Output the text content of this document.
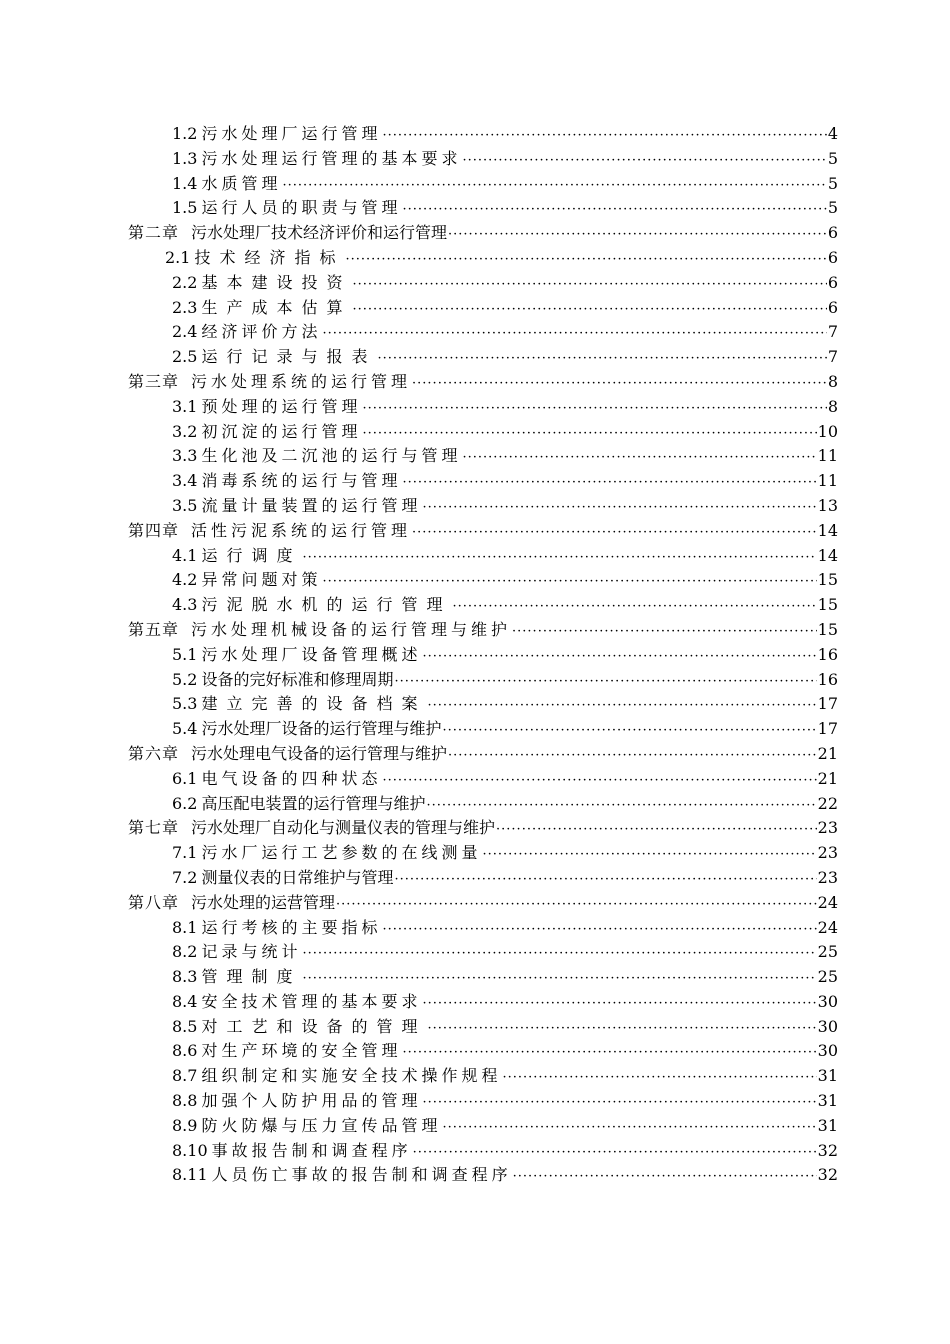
1.2 污水处理厂运行管理 ·····	4
1.3 污水处理运行管理的基本要求 ·····	5
1.4 水质管理 ·····	5
1.5 运行人员的职责与管理 ·····	5
第二章 污水处理厂技术经济评价和运行管理 ·····	6
2.1 技术经济指标 ·····	6
2.2 基本建设投资 ·····	6
2.3 生产成本估算 ·····	6
2.4 经济评价方法 ·····	7
2.5 运行记录与报表 ·····	7
第三章 污水处理系统的运行管理 ·····	8
3.1 预处理的运行管理 ·····	8
3.2 初沉淀的运行管理 ·····	10
3.3 生化池及二沉池的运行与管理 ·····	11
3.4 消毒系统的运行与管理 ·····	11
3.5 流量计量装置的运行管理 ·····	13
第四章 活性污泥系统的运行管理 ·····	14
4.1 运行调度 ·····	14
4.2 异常问题对策 ·····	15
4.3 污泥脱水机的运行管理 ·····	15
第五章 污水处理机械设备的运行管理与维护 ·····	15
5.1 污水处理厂设备管理概述 ·····	16
5.2 设备的完好标准和修理周期 ·····	16
5.3 建立完善的设备档案 ·····	17
5.4 污水处理厂设备的运行管理与维护 ·····	17
第六章 污水处理电气设备的运行管理与维护 ·····	21
6.1 电气设备的四种状态 ·····	21
6.2 高压配电装置的运行管理与维护 ·····	22
第七章 污水处理厂自动化与测量仪表的管理与维护 ·····	23
7.1 污水厂运行工艺参数的在线测量 ·····	23
7.2 测量仪表的日常维护与管理 ·····	23
第八章 污水处理的运营管理 ·····	24
8.1 运行考核的主要指标 ·····	24
8.2 记录与统计 ·····	25
8.3 管理制度 ·····	25
8.4 安全技术管理的基本要求 ·····	30
8.5 对工艺和设备的管理 ·····	30
8.6 对生产环境的安全管理 ·····	30
8.7 组织制定和实施安全技术操作规程 ·····	31
8.8 加强个人防护用品的管理 ·····	31
8.9 防火防爆与压力宣传品管理 ·····	31
8.10 事故报告制和调查程序 ·····	32
8.11 人员伤亡事故的报告制和调查程序 ·····	32
